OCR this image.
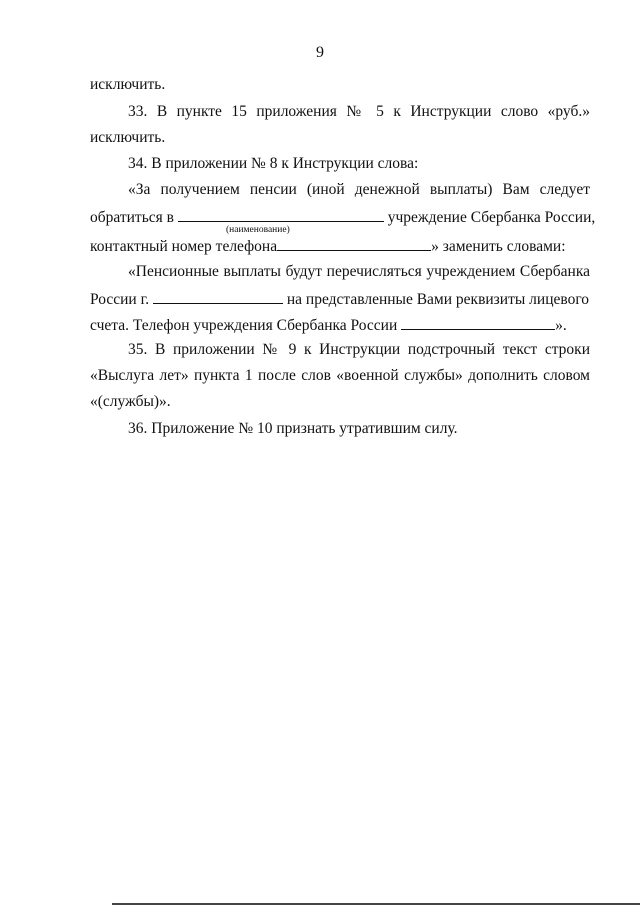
9
исключить.
33. В пункте 15 приложения № 5 к Инструкции слово «руб.»
исключить.
34. В приложении № 8 к Инструкции слова:
«За получением пенсии (иной денежной выплаты) Вам следует
обратиться в	учреждение Сбербанка России,
(наименование)
контактный номер телефона	» заменить словами:
«Пенсионные выплаты будут перечисляться учреждением Сбербанка
России г.	на представленные Вами реквизиты лицевого
счета. Телефон учреждения Сбербанка России	».
35. В приложении № 9 к Инструкции подстрочный текст строки
«Выслуга лет» пункта 1 после слов «военной службы» дополнить словом
«(службы)».
36. Приложение № 10 признать утратившим силу.
